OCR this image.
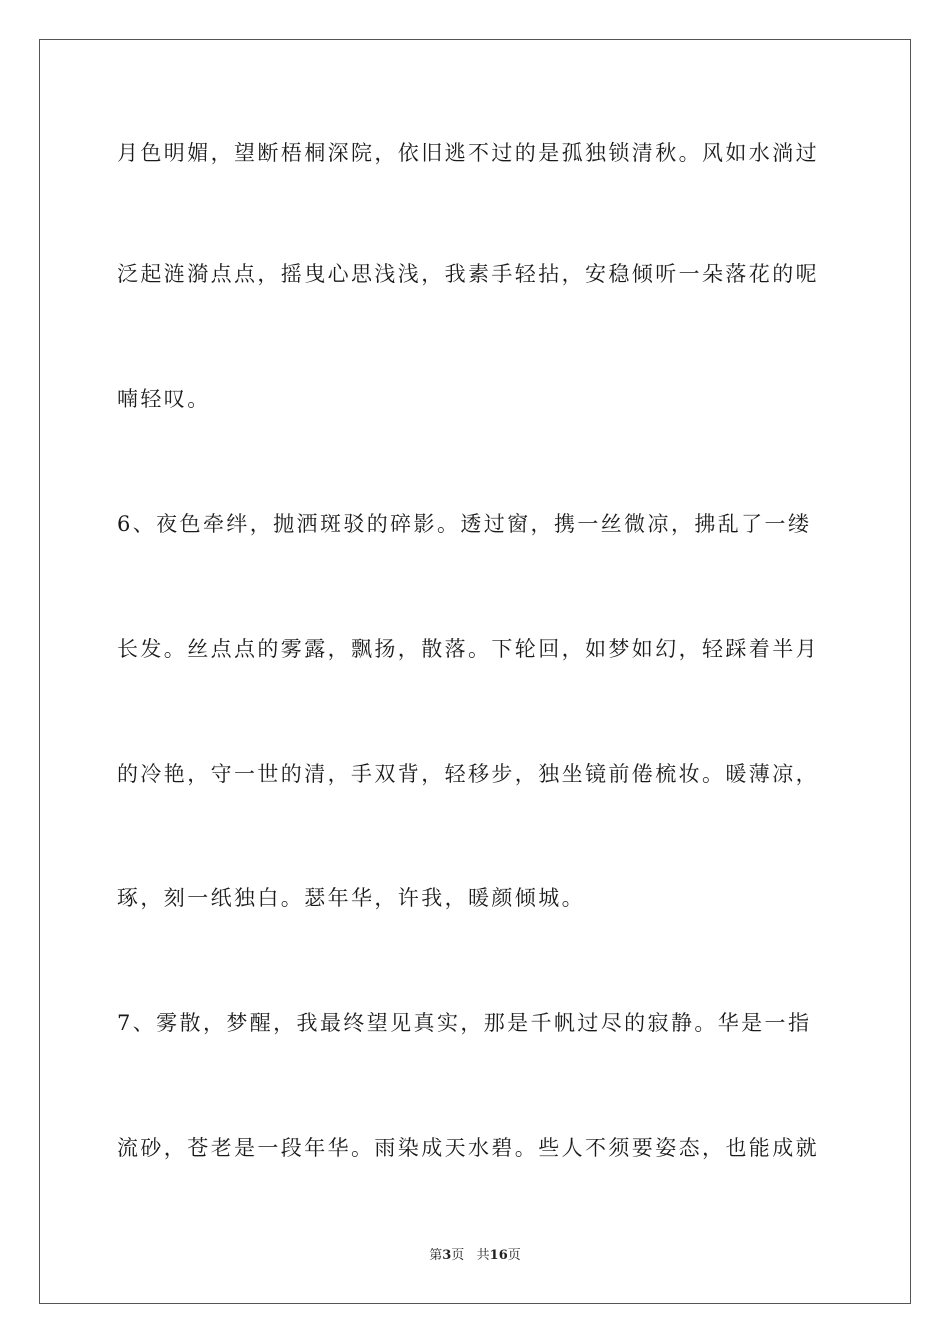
月色明媚，望断梧桐深院，依旧逃不过的是孤独锁清秋。风如水淌过
泛起涟漪点点，摇曳心思浅浅，我素手轻拈，安稳倾听一朵落花的呢
喃轻叹。
6、夜色牵绊，抛洒斑驳的碎影。透过窗，携一丝微凉，拂乱了一缕
长发。丝点点的雾露，飘扬，散落。下轮回，如梦如幻，轻踩着半月
的冷艳，守一世的清，手双背，轻移步，独坐镜前倦梳妆。暖薄凉，
琢，刻一纸独白。瑟年华，许我，暖颜倾城。
7、雾散，梦醒，我最终望见真实，那是千帆过尽的寂静。华是一指
流砂，苍老是一段年华。雨染成天水碧。些人不须要姿态，也能成就
第3页   共16页
